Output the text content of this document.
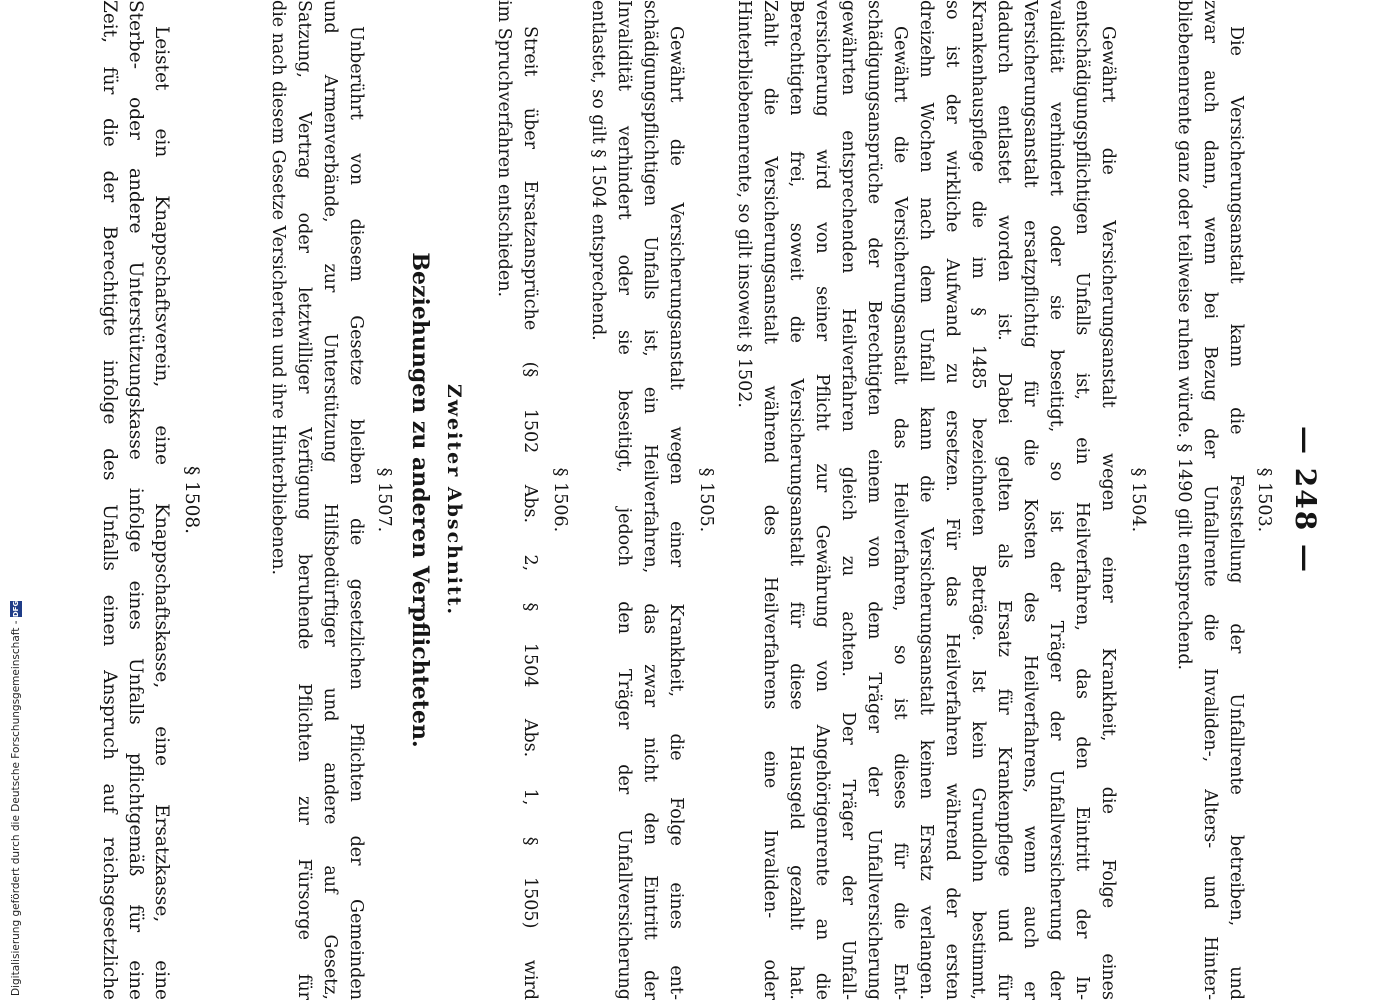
— 248 —
§ 1503.
Die Versicherungsanstalt kann die Feststellung der Unfallrente betreiben, und
zwar auch dann, wenn bei Bezug der Unfallrente die Invaliden-, Alters- und Hinter-
bliebenenrente ganz oder teilweise ruhen würde. § 1490 gilt entsprechend.
§ 1504.
Gewährt die Versicherungsanstalt wegen einer Krankheit, die Folge eines
entschädigungspflichtigen Unfalls ist, ein Heilverfahren, das den Eintritt der In-
validität verhindert oder sie beseitigt, so ist der Träger der Unfallversicherung der
Versicherungsanstalt ersatzpflichtig für die Kosten des Heilverfahrens, wenn auch er
dadurch entlastet worden ist. Dabei gelten als Ersatz für Krankenpflege und für
Krankenhauspflege die im § 1485 bezeichneten Beträge. Ist kein Grundlohn bestimmt,
so ist der wirkliche Aufwand zu ersetzen. Für das Heilverfahren während der ersten
dreizehn Wochen nach dem Unfall kann die Versicherungsanstalt keinen Ersatz verlangen.
Gewährt die Versicherungsanstalt das Heilverfahren, so ist dieses für die Ent-
schädigungsansprüche der Berechtigten einem von dem Träger der Unfallversicherung
gewährten entsprechenden Heilverfahren gleich zu achten. Der Träger der Unfall-
versicherung wird von seiner Pflicht zur Gewährung von Angehörigenrente an die
Berechtigten frei, soweit die Versicherungsanstalt für diese Hausgeld gezahlt hat.
Zahlt die Versicherungsanstalt während des Heilverfahrens eine Invaliden- oder
Hinterbliebenenrente, so gilt insoweit § 1502.
§ 1505.
Gewährt die Versicherungsanstalt wegen einer Krankheit, die Folge eines ent-
schädigungspflichtigen Unfalls ist, ein Heilverfahren, das zwar nicht den Eintritt der
Invalidität verhindert oder sie beseitigt, jedoch den Träger der Unfallversicherung
entlastet, so gilt § 1504 entsprechend.
§ 1506.
Streit über Ersatzansprüche (§ 1502 Abs. 2, § 1504 Abs. 1, § 1505) wird
im Spruchverfahren entschieden.
Zweiter Abschnitt.
Beziehungen zu anderen Verpflichteten.
§ 1507.
Unberührt von diesem Gesetze bleiben die gesetzlichen Pflichten der Gemeinden
und Armenverbände, zur Unterstützung Hilfsbedürftiger und andere auf Gesetz,
Satzung, Vertrag oder letztwilliger Verfügung beruhende Pflichten zur Fürsorge für
die nach diesem Gesetze Versicherten und ihre Hinterbliebenen.
§ 1508.
Leistet ein Knappschaftsverein, eine Knappschaftskasse, eine Ersatzkasse, eine
Sterbe- oder andere Unterstützungskasse infolge eines Unfalls pflichtgemäß für eine
Zeit, für die der Berechtigte infolge des Unfalls einen Anspruch auf reichsgesetzliche
Digitalisierung gefördert durch die Deutsche Forschungsgemeinschaft - DFG
